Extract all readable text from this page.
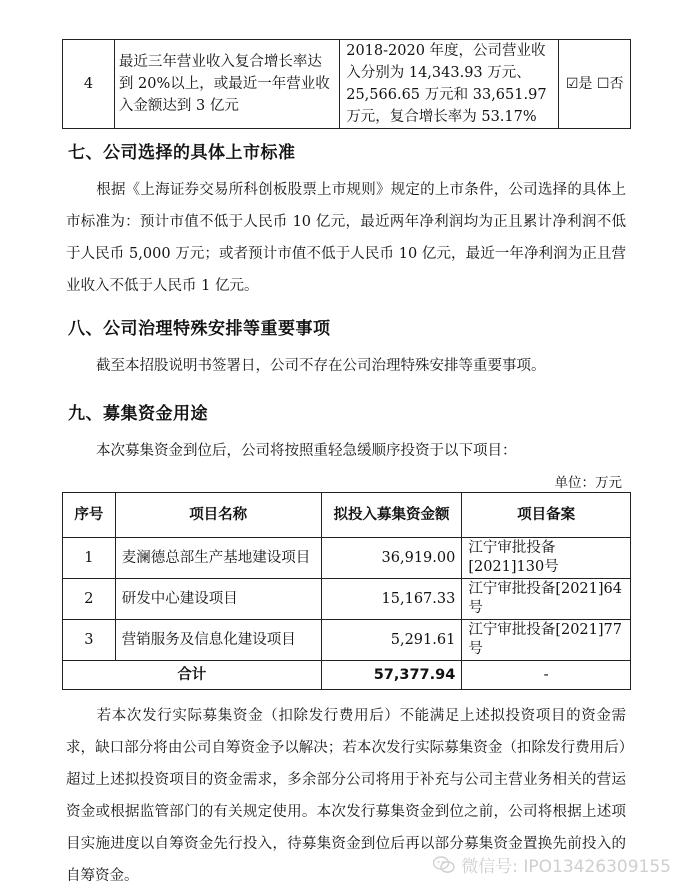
4	最近三年营业收入复合增长率达到 20%以上，或最近一年营业收入金额达到 3 亿元	2018-2020 年度，公司营业收入分别为 14,343.93 万元、25,566.65 万元和 33,651.97 万元，复合增长率为 53.17%	☑是 ☐否
七、公司选择的具体上市标准
根据《上海证券交易所科创板股票上市规则》规定的上市条件，公司选择的具体上市标准为：预计市值不低于人民币 10 亿元，最近两年净利润均为正且累计净利润不低于人民币 5,000 万元；或者预计市值不低于人民币 10 亿元，最近一年净利润为正且营业收入不低于人民币 1 亿元。
八、公司治理特殊安排等重要事项
截至本招股说明书签署日，公司不存在公司治理特殊安排等重要事项。
九、募集资金用途
本次募集资金到位后，公司将按照重轻急缓顺序投资于以下项目：
单位：万元
序号	项目名称	拟投入募集资金额	项目备案
1	麦澜德总部生产基地建设项目	36,919.00	江宁审批投备[2021]130号
2	研发中心建设项目	15,167.33	江宁审批投备[2021]64号
3	营销服务及信息化建设项目	5,291.61	江宁审批投备[2021]77号
合计		57,377.94	-
若本次发行实际募集资金（扣除发行费用后）不能满足上述拟投资项目的资金需求，缺口部分将由公司自筹资金予以解决；若本次发行实际募集资金（扣除发行费用后）超过上述拟投资项目的资金需求，多余部分公司将用于补充与公司主营业务相关的营运资金或根据监管部门的有关规定使用。本次发行募集资金到位之前，公司将根据上述项目实施进度以自筹资金先行投入，待募集资金到位后再以部分募集资金置换先前投入的自筹资金。	微信号: IPO13426309155
